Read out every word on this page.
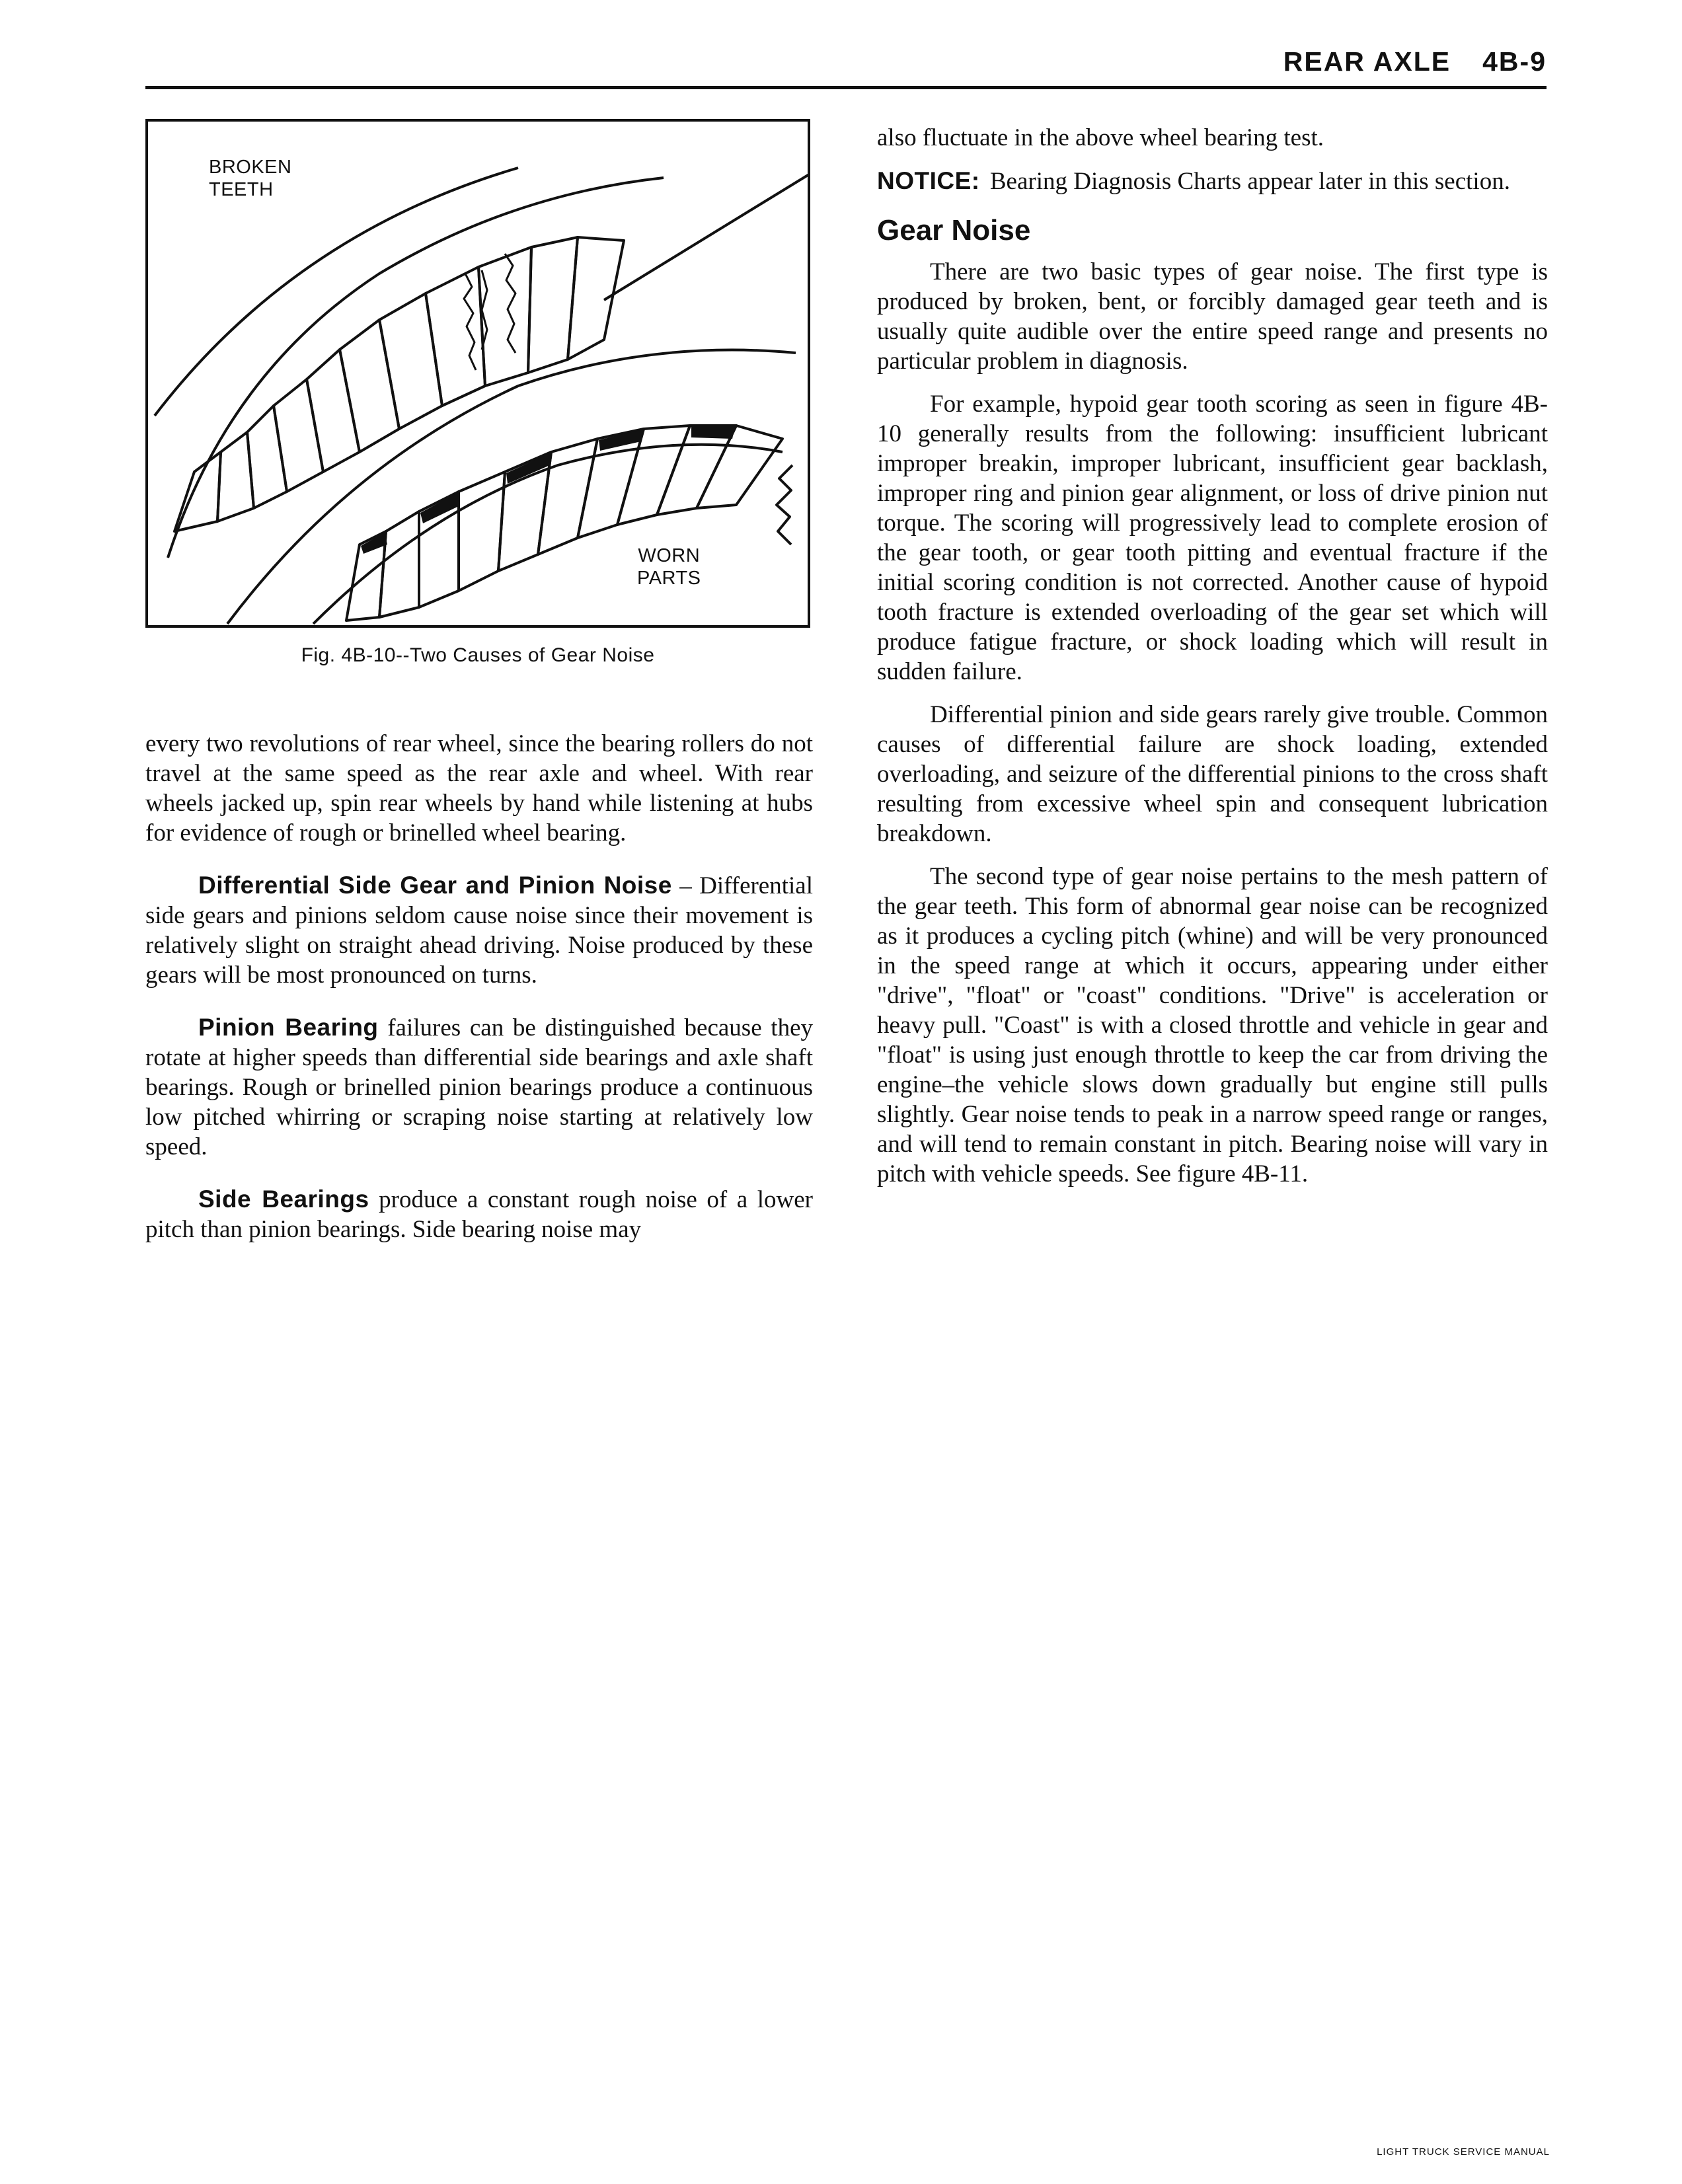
REAR AXLE 4B-9
BROKEN
TEETH
WORN
PARTS
Fig. 4B-10--Two Causes of Gear Noise

every two revolutions of rear wheel, since the bearing rollers do not travel at the same speed as the rear axle and wheel. With rear wheels jacked up, spin rear wheels by hand while listening at hubs for evidence of rough or brinelled wheel bearing.

Differential Side Gear and Pinion Noise – Differential side gears and pinions seldom cause noise since their movement is relatively slight on straight ahead driving. Noise produced by these gears will be most pronounced on turns.

Pinion Bearing failures can be distinguished because they rotate at higher speeds than differential side bearings and axle shaft bearings. Rough or brinelled pinion bearings produce a continuous low pitched whirring or scraping noise starting at relatively low speed.

Side Bearings produce a constant rough noise of a lower pitch than pinion bearings. Side bearing noise may

also fluctuate in the above wheel bearing test.

NOTICE: Bearing Diagnosis Charts appear later in this section.

Gear Noise

There are two basic types of gear noise. The first type is produced by broken, bent, or forcibly damaged gear teeth and is usually quite audible over the entire speed range and presents no particular problem in diagnosis.

For example, hypoid gear tooth scoring as seen in figure 4B-10 generally results from the following: insufficient lubricant improper breakin, improper lubricant, insufficient gear backlash, improper ring and pinion gear alignment, or loss of drive pinion nut torque. The scoring will progressively lead to complete erosion of the gear tooth, or gear tooth pitting and eventual fracture if the initial scoring condition is not corrected. Another cause of hypoid tooth fracture is extended overloading of the gear set which will produce fatigue fracture, or shock loading which will result in sudden failure.

Differential pinion and side gears rarely give trouble. Common causes of differential failure are shock loading, extended overloading, and seizure of the differential pinions to the cross shaft resulting from excessive wheel spin and consequent lubrication breakdown.

The second type of gear noise pertains to the mesh pattern of the gear teeth. This form of abnormal gear noise can be recognized as it produces a cycling pitch (whine) and will be very pronounced in the speed range at which it occurs, appearing under either "drive", "float" or "coast" conditions. "Drive" is acceleration or heavy pull. "Coast" is with a closed throttle and vehicle in gear and "float" is using just enough throttle to keep the car from driving the engine–the vehicle slows down gradually but engine still pulls slightly. Gear noise tends to peak in a narrow speed range or ranges, and will tend to remain constant in pitch. Bearing noise will vary in pitch with vehicle speeds. See figure 4B-11.

LIGHT TRUCK SERVICE MANUAL
